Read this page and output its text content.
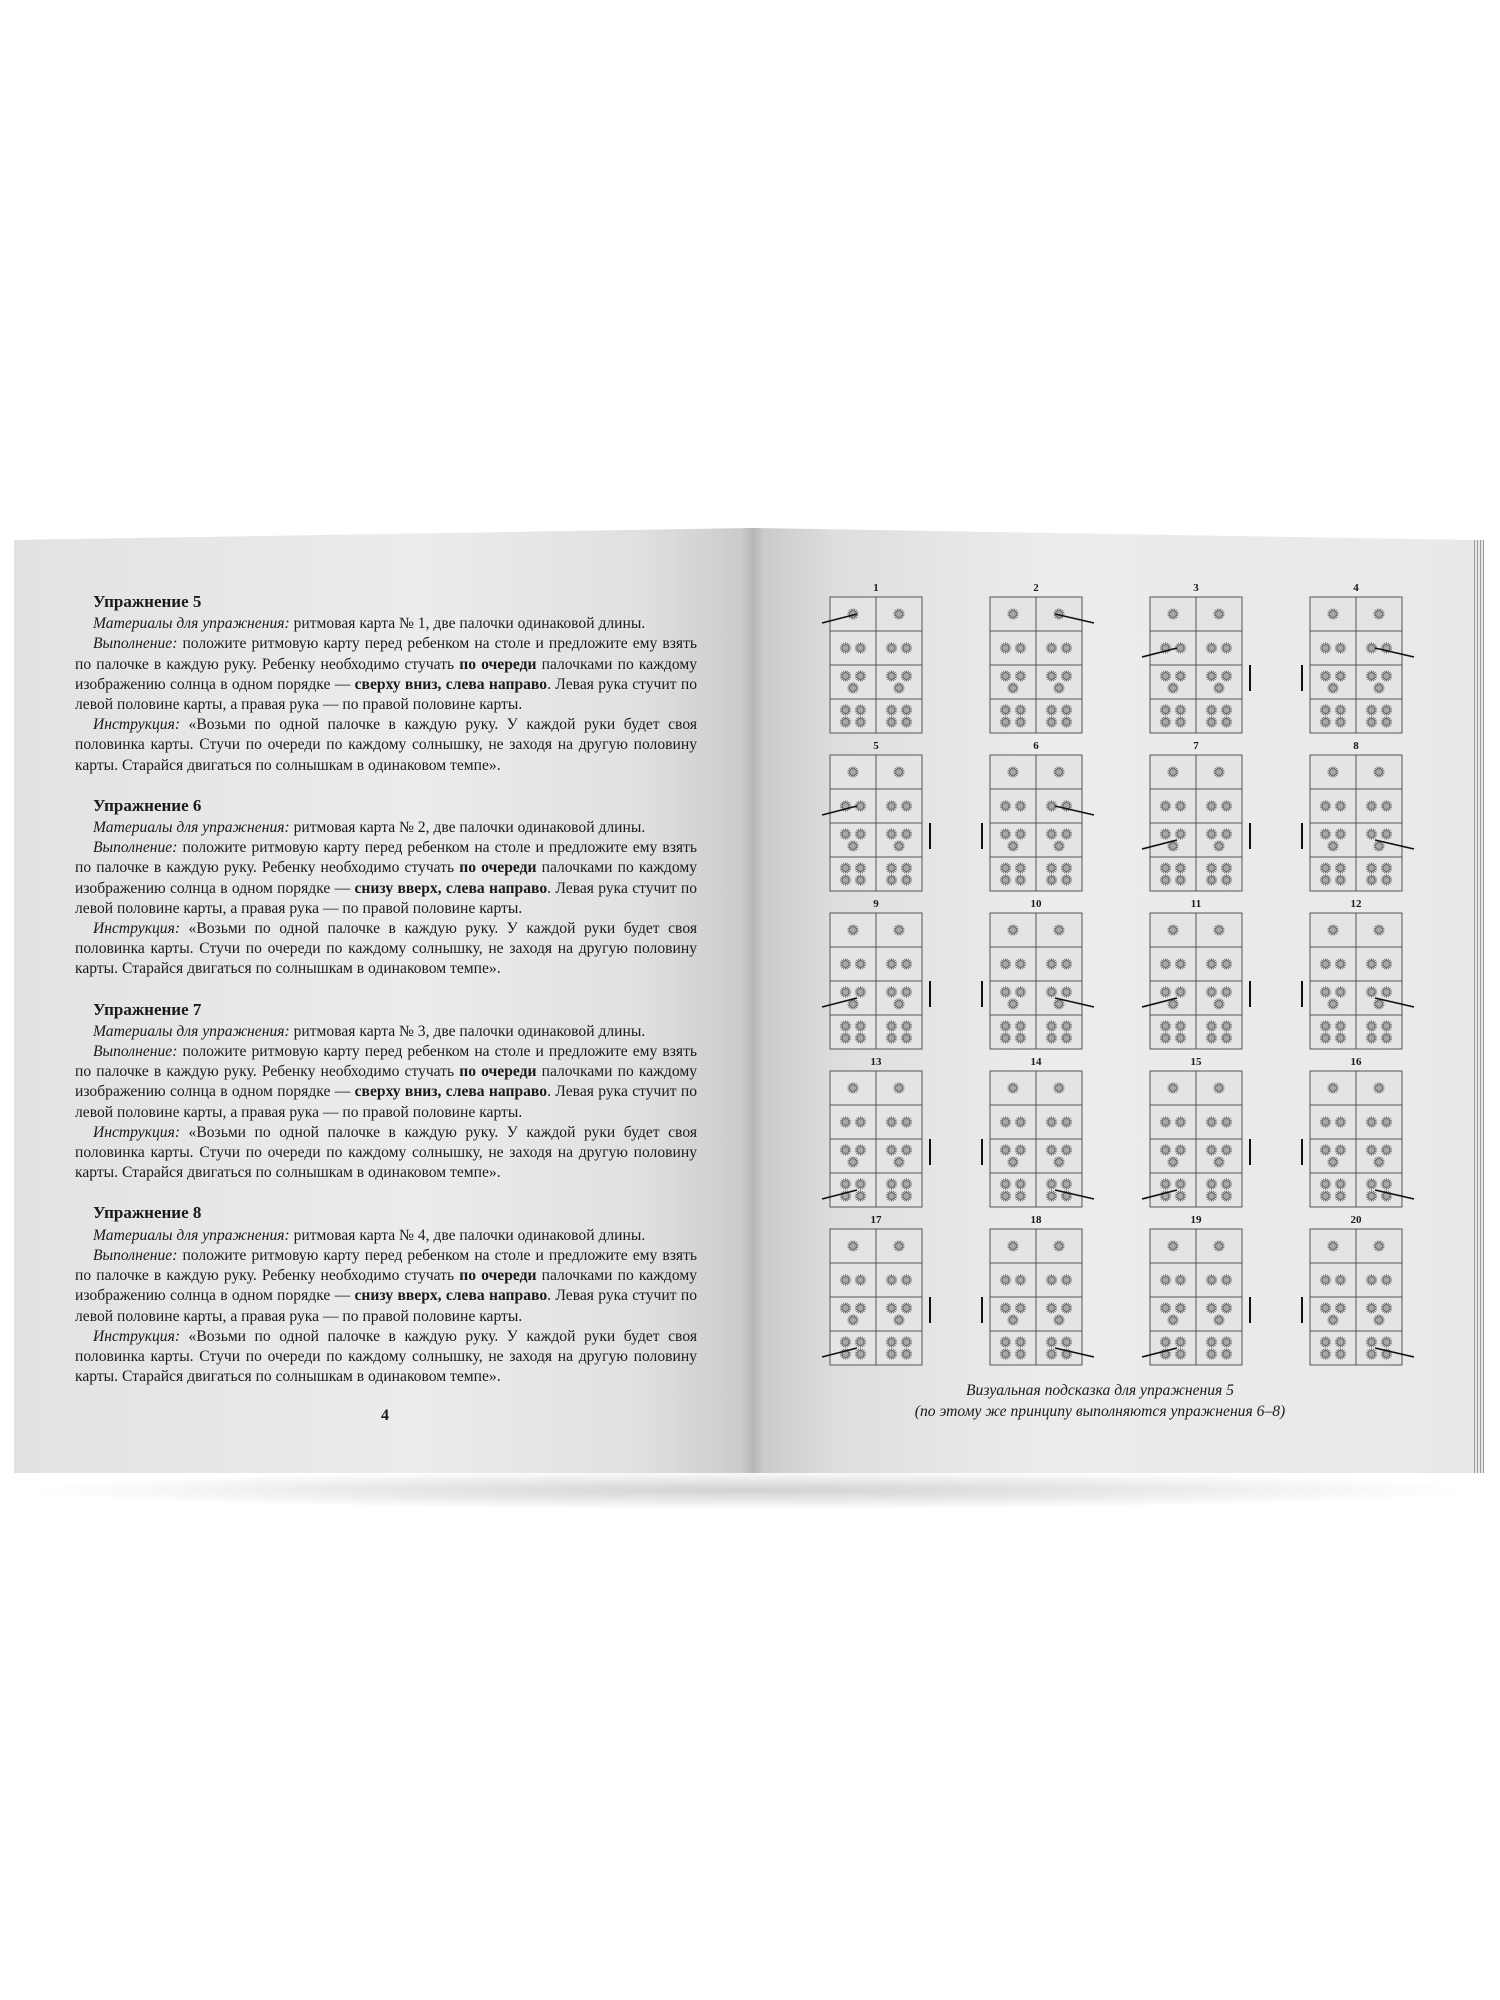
Упражнение 5

Материалы для упражнения: ритмовая карта № 1, две палочки одинаковой длины.

Выполнение: положите ритмовую карту перед ребенком на столе и предложите ему взять по палочке в каждую руку. Ребенку необходимо стучать по очереди палочками по каждому изображению солнца в одном порядке — сверху вниз, слева направо. Левая рука стучит по левой половине карты, а правая рука — по правой половине карты.

Инструкция: «Возьми по одной палочке в каждую руку. У каждой руки будет своя половинка карты. Стучи по очереди по каждому солнышку, не заходя на другую половину карты. Старайся двигаться по солнышкам в одинаковом темпе».

Упражнение 6

Материалы для упражнения: ритмовая карта № 2, две палочки одинаковой длины.

Выполнение: положите ритмовую карту перед ребенком на столе и предложите ему взять по палочке в каждую руку. Ребенку необходимо стучать по очереди палочками по каждому изображению солнца в одном порядке — снизу вверх, слева направо. Левая рука стучит по левой половине карты, а правая рука — по правой половине карты.

Инструкция: «Возьми по одной палочке в каждую руку. У каждой руки будет своя половинка карты. Стучи по очереди по каждому солнышку, не заходя на другую половину карты. Старайся двигаться по солнышкам в одинаковом темпе».

Упражнение 7

Материалы для упражнения: ритмовая карта № 3, две палочки одинаковой длины.

Выполнение: положите ритмовую карту перед ребенком на столе и предложите ему взять по палочке в каждую руку. Ребенку необходимо стучать по очереди палочками по каждому изображению солнца в одном порядке — сверху вниз, слева направо. Левая рука стучит по левой половине карты, а правая рука — по правой половине карты.

Инструкция: «Возьми по одной палочке в каждую руку. У каждой руки будет своя половинка карты. Стучи по очереди по каждому солнышку, не заходя на другую половину карты. Старайся двигаться по солнышкам в одинаковом темпе».

Упражнение 8

Материалы для упражнения: ритмовая карта № 4, две палочки одинаковой длины.

Выполнение: положите ритмовую карту перед ребенком на столе и предложите ему взять по палочке в каждую руку. Ребенку необходимо стучать по очереди палочками по каждому изображению солнца в одном порядке — снизу вверх, слева направо. Левая рука стучит по левой половине карты, а правая рука — по правой половине карты.

Инструкция: «Возьми по одной палочке в каждую руку. У каждой руки будет своя половинка карты. Стучи по очереди по каждому солнышку, не заходя на другую половину карты. Старайся двигаться по солнышкам в одинаковом темпе».

4
1	2	3	4
5	6	7	8
9	10	11	12
13	14	15	16
17	18	19	20
Визуальная подсказка для упражнения 5
(по этому же принципу выполняются упражнения 6–8)
